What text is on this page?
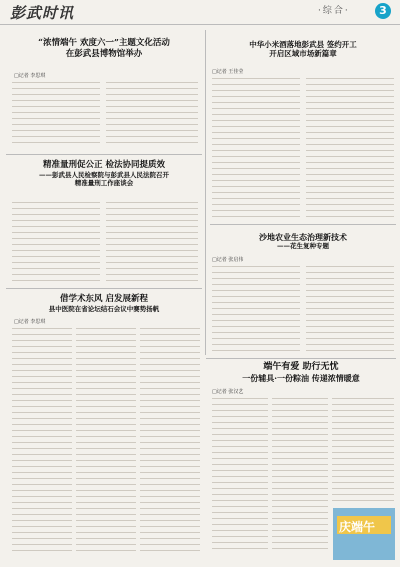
彭武时讯	·综合·	3
“浓情端午 欢度六一”主题文化活动
在彭武县博物馆举办
□记者 李思琪
精准量刑促公正 检法协同提质效
——彭武县人民检察院与彭武县人民法院召开
精准量刑工作座谈会
借学术东风 启发展新程
县中医院在省论坛结石会议中赛势扬帆
□记者 李思琪
中华小米酒落地彭武县 签约开工
开启区域市场新篇章
□记者 王佳莹
沙地农业生态治理新技术
——花生复种专题
□记者 张启伟
端午有爱 助行无忧
一份辅具·一份粽油 传递浓情暖意
□记者 张汉艺
庆端午
